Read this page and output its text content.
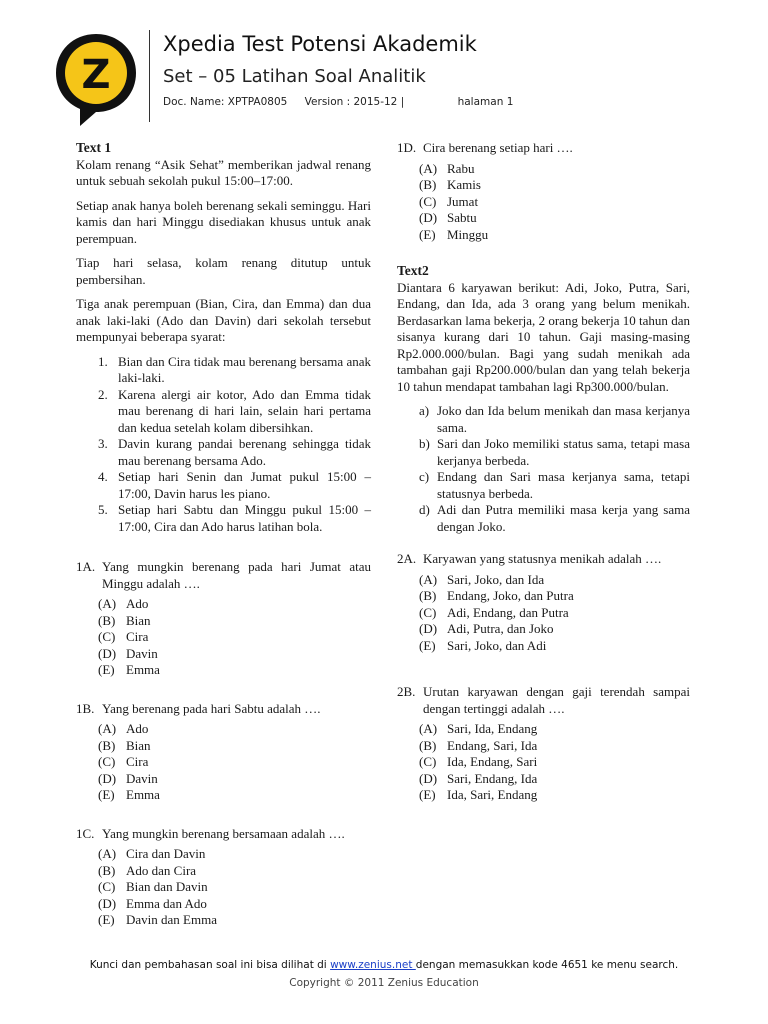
Z
Xpedia Test Potensi Akademik
Set – 05 Latihan Soal Analitik
Doc. Name: XPTPA0805 Version : 2015-12 |	halaman 1
Text 1

Kolam renang “Asik Sehat” memberikan jadwal renang untuk sebuah sekolah pukul 15:00–17:00.

Setiap anak hanya boleh berenang sekali seminggu. Hari kamis dan hari Minggu disediakan khusus untuk anak perempuan.

Tiap hari selasa, kolam renang ditutup untuk pembersihan.

Tiga anak perempuan (Bian, Cira, dan Emma) dan dua anak laki-laki (Ado dan Davin) dari sekolah tersebut mempunyai beberapa syarat:

1. Bian dan Cira tidak mau berenang bersama anak laki-laki.
2. Karena alergi air kotor, Ado dan Emma tidak mau berenang di hari lain, selain hari pertama dan kedua setelah kolam dibersihkan.
3. Davin kurang pandai berenang sehingga tidak mau berenang bersama Ado.
4. Setiap hari Senin dan Jumat pukul 15:00 – 17:00, Davin harus les piano.
5. Setiap hari Sabtu dan Minggu pukul 15:00 –17:00, Cira dan Ado harus latihan bola.
1A. Yang mungkin berenang pada hari Jumat atau Minggu adalah ….
(A) Ado
(B) Bian
(C) Cira
(D) Davin
(E) Emma
1B. Yang berenang pada hari Sabtu adalah ….
(A) Ado
(B) Bian
(C) Cira
(D) Davin
(E) Emma
1C. Yang mungkin berenang bersamaan adalah ….
(A) Cira dan Davin
(B) Ado dan Cira
(C) Bian dan Davin
(D) Emma dan Ado
(E) Davin dan Emma
1D. Cira berenang setiap hari ….
(A) Rabu
(B) Kamis
(C) Jumat
(D) Sabtu
(E) Minggu
Text2

Diantara 6 karyawan berikut: Adi, Joko, Putra, Sari, Endang, dan Ida, ada 3 orang yang belum menikah. Berdasarkan lama bekerja, 2 orang bekerja 10 tahun dan sisanya kurang dari 10 tahun. Gaji masing-masing Rp2.000.000/bulan. Bagi yang sudah menikah ada tambahan gaji Rp200.000/bulan dan yang telah bekerja 10 tahun mendapat tambahan lagi Rp300.000/bulan.

a) Joko dan Ida belum menikah dan masa kerjanya sama.
b) Sari dan Joko memiliki status sama, tetapi masa kerjanya berbeda.
c) Endang dan Sari masa kerjanya sama, tetapi statusnya berbeda.
d) Adi dan Putra memiliki masa kerja yang sama dengan Joko.
2A. Karyawan yang statusnya menikah adalah ….
(A) Sari, Joko, dan Ida
(B) Endang, Joko, dan Putra
(C) Adi, Endang, dan Putra
(D) Adi, Putra, dan Joko
(E) Sari, Joko, dan Adi
2B. Urutan karyawan dengan gaji terendah sampai dengan tertinggi adalah ….
(A) Sari, Ida, Endang
(B) Endang, Sari, Ida
(C) Ida, Endang, Sari
(D) Sari, Endang, Ida
(E) Ida, Sari, Endang
Kunci dan pembahasan soal ini bisa dilihat di www.zenius.net dengan memasukkan kode 4651 ke menu search.
Copyright © 2011 Zenius Education
